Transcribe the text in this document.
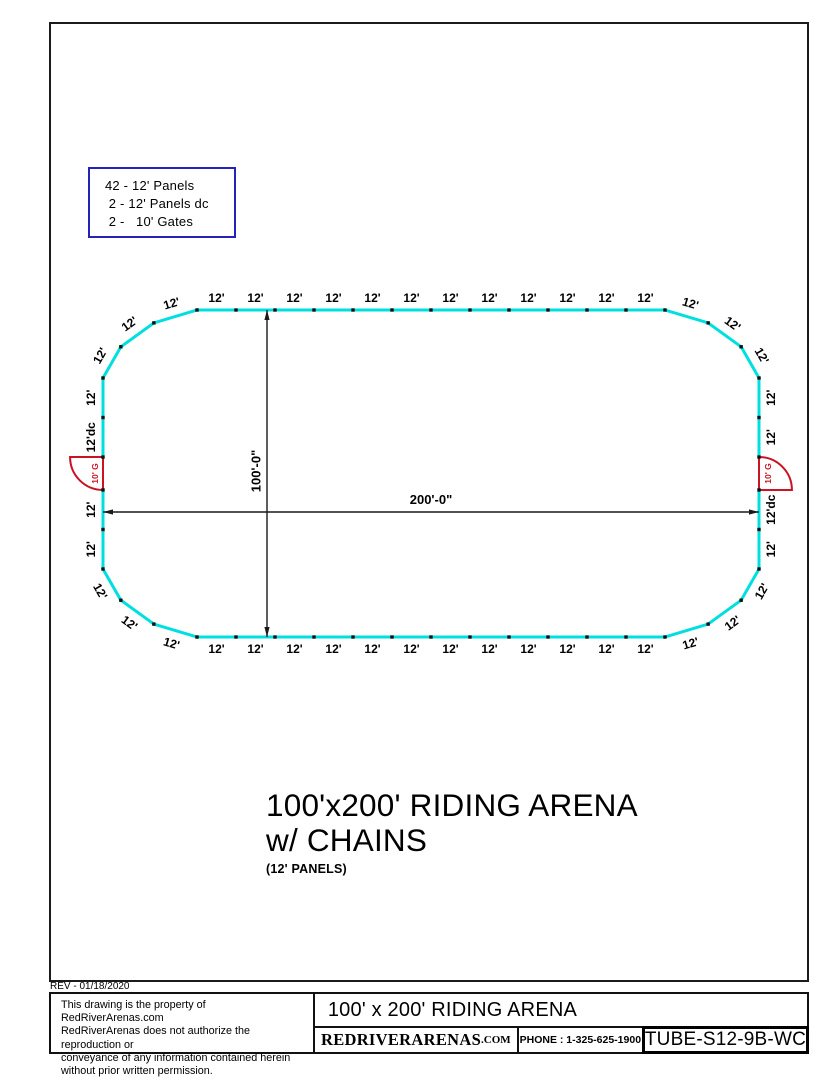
42 - 12' Panels
2 - 12' Panels dc
2 -   10' Gates
12' 12' 12' 12' 12' 12' 12' 12' 12' 12' 12' 12' 12'
12'
12'
12'
12'
10' G
12'dc
12'
12'
12'
12'
12'
12'
12'
12'
12'
12'
12'
12'
12'
12'
12'
12'
12'
12'
12'
12'
12'
10' G
12'dc
12'
12'
12'
12'
200'-0"
100'-0"
100'x200' RIDING ARENA
w/ CHAINS
(12' PANELS)
REV - 01/18/2020
This drawing is the property of RedRiverArenas.com
RedRiverArenas does not authorize the reproduction or
conveyance of any information contained herein
without prior written permission.
100' x 200' RIDING ARENA
REDRIVERARENAS .COM PHONE : 1-325-625-1900 TUBE-S12-9B-WC
